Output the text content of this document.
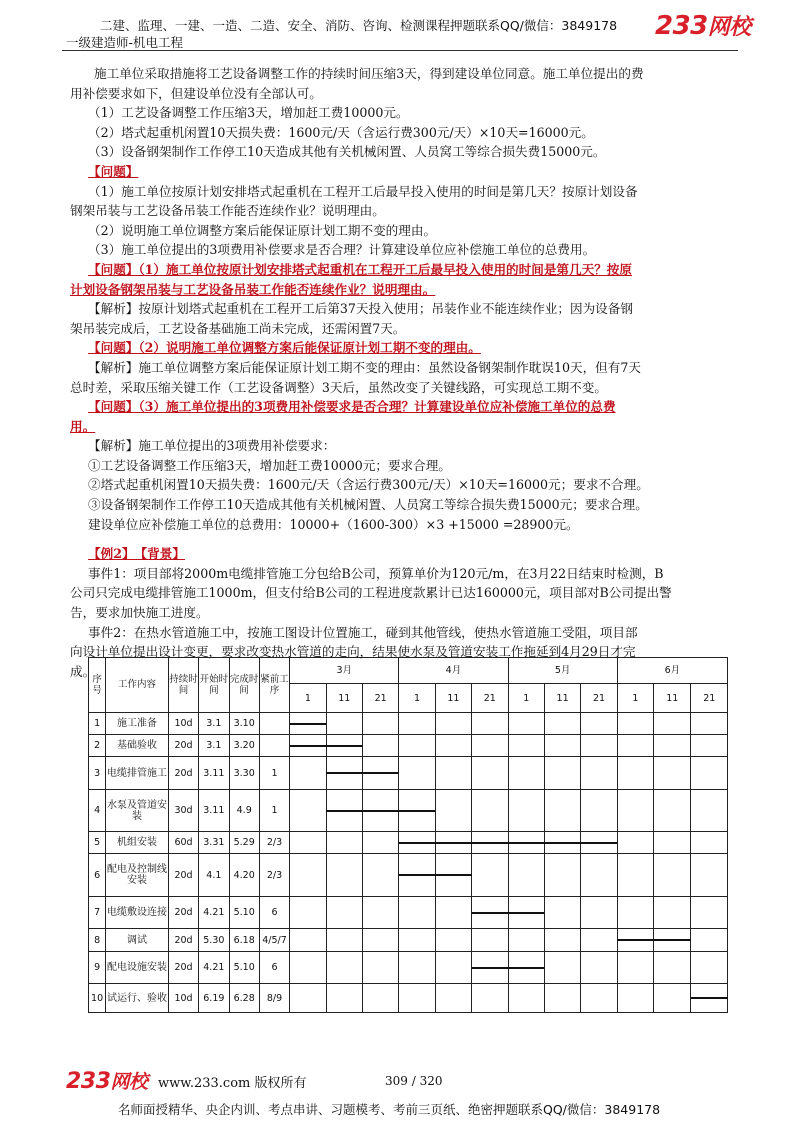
二建、监理、一建、一造、二造、安全、消防、咨询、检测课程押题联系QQ/微信：3849178
一级建造师-机电工程
233网校

施工单位采取措施将工艺设备调整工作的持续时间压缩3天，得到建设单位同意。施工单位提出的费

用补偿要求如下，但建设单位没有全部认可。

（1）工艺设备调整工作压缩3天，增加赶工费10000元。

（2）塔式起重机闲置10天损失费：1600元/天（含运行费300元/天）×10天=16000元。

（3）设备钢架制作工作停工10天造成其他有关机械闲置、人员窝工等综合损失费15000元。

【问题】

（1）施工单位按原计划安排塔式起重机在工程开工后最早投入使用的时间是第几天？按原计划设备

钢架吊装与工艺设备吊装工作能否连续作业？说明理由。

（2）说明施工单位调整方案后能保证原计划工期不变的理由。

（3）施工单位提出的3项费用补偿要求是否合理？计算建设单位应补偿施工单位的总费用。

【问题】（1）施工单位按原计划安排塔式起重机在工程开工后最早投入使用的时间是第几天？按原

计划设备钢架吊装与工艺设备吊装工作能否连续作业？说明理由。

【解析】按原计划塔式起重机在工程开工后第37天投入使用；吊装作业不能连续作业；因为设备钢

架吊装完成后，工艺设备基础施工尚未完成，还需闲置7天。

【问题】（2）说明施工单位调整方案后能保证原计划工期不变的理由。

【解析】施工单位调整方案后能保证原计划工期不变的理由：虽然设备钢架制作耽误10天，但有7天

总时差，采取压缩关键工作（工艺设备调整）3天后，虽然改变了关键线路，可实现总工期不变。

【问题】（3）施工单位提出的3项费用补偿要求是否合理？计算建设单位应补偿施工单位的总费

用。

【解析】施工单位提出的3项费用补偿要求：

①工艺设备调整工作压缩3天，增加赶工费10000元；要求合理。

②塔式起重机闲置10天损失费：1600元/天（含运行费300元/天）×10天=16000元；要求不合理。

③设备钢架制作工作停工10天造成其他有关机械闲置、人员窝工等综合损失费15000元；要求合理。

建设单位应补偿施工单位的总费用：10000+（1600-300）×3 +15000 =28900元。

【例2】　【背景】

事件1：项目部将2000m电缆排管施工分包给B公司，预算单价为120元/m，在3月22日结束时检测，B

公司只完成电缆排管施工1000m，但支付给B公司的工程进度款累计已达160000元，项目部对B公司提出警

告，要求加快施工进度。

事件2：在热水管道施工中，按施工图设计位置施工，碰到其他管线，使热水管道施工受阻，项目部

向设计单位提出设计变更，要求改变热水管道的走向，结果使水泵及管道安装工作拖延到4月29日才完

成。

序号	工作内容	持续时间	开始时间	完成时间	紧前工序	3月			4月			5月			6月		
						1	11	21	1	11	21	1	11	21	1	11	21
1	施工准备	10d	3.1	3.10													
2	基础验收	20d	3.1	3.20													
3	电缆排管施工	20d	3.11	3.30	1												
4	水泵及管道安装	30d	3.11	4.9	1												
5	机组安装	60d	3.31	5.29	2/3												
6	配电及控制线安装	20d	4.1	4.20	2/3												
7	电缆敷设连接	20d	4.21	5.10	6												
8	调试	20d	5.30	6.18	4/5/7												
9	配电设施安装	20d	4.21	5.10	6												
10	试运行、验收	10d	6.19	6.28	8/9												
233网校 www.233.com 版权所有	309 / 320
名师面授精华、央企内训、考点串讲、习题模考、考前三页纸、绝密押题联系QQ/微信：3849178
